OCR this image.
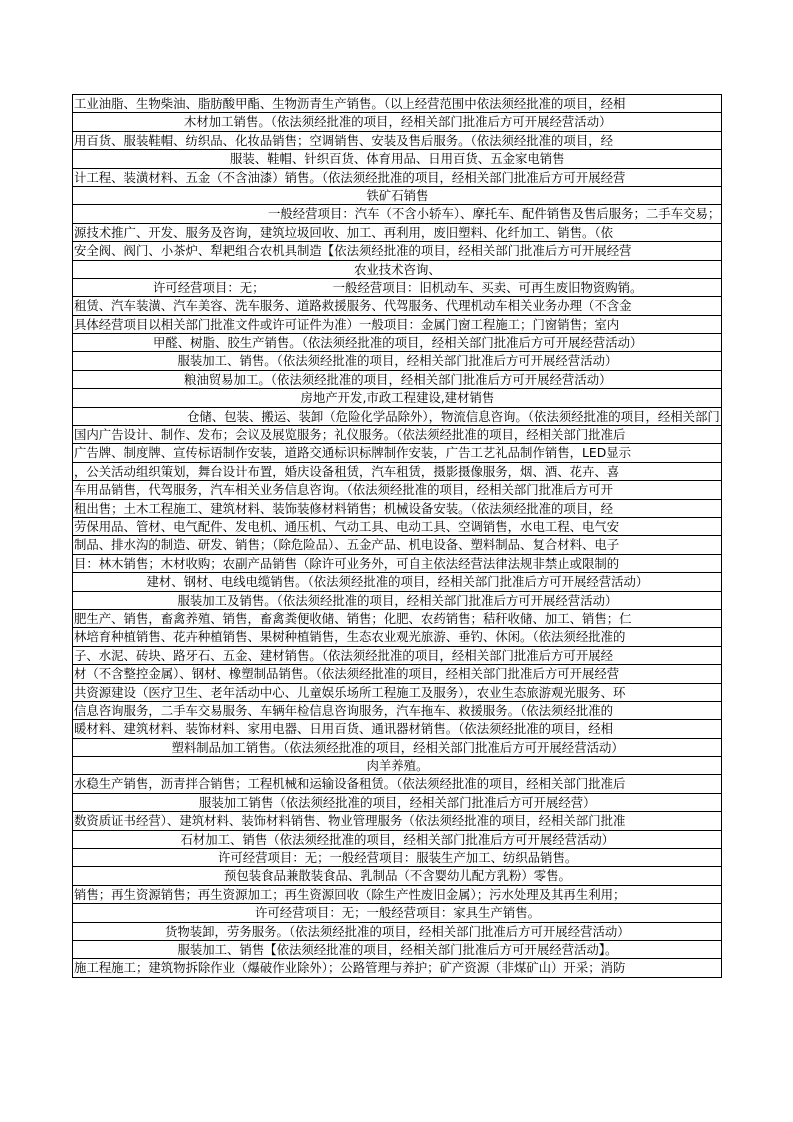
工业油脂、生物柴油、脂肪酸甲酯、生物沥青生产销售。（以上经营范围中依法须经批准的项目，经相
木材加工销售。（依法须经批准的项目，经相关部门批准后方可开展经营活动）
用百货、服装鞋帽、纺织品、化妆品销售；空调销售、安装及售后服务。（依法须经批准的项目，经
服装、鞋帽、针织百货、体育用品、日用百货、五金家电销售
计工程、装潢材料、五金（不含油漆）销售。（依法须经批准的项目，经相关部门批准后方可开展经营
铁矿石销售
一般经营项目：汽车（不含小轿车）、摩托车、配件销售及售后服务；二手车交易；
源技术推广、开发、服务及咨询，建筑垃圾回收、加工、再利用，废旧塑料、化纤加工、销售。（依
安全阀、阀门、小茶炉、犁耙组合农机具制造【依法须经批准的项目，经相关部门批准后方可开展经营
农业技术咨询、
许可经营项目：无；　　　　　　一般经营项目：旧机动车、买卖、可再生废旧物资购销。
租赁、汽车装潢、汽车美容、洗车服务、道路救援服务、代驾服务、代理机动车相关业务办理（不含金
具体经营项目以相关部门批准文件或许可证件为准）一般项目：金属门窗工程施工；门窗销售；室内
甲醛、树脂、胶生产销售。（依法须经批准的项目，经相关部门批准后方可开展经营活动）
服装加工、销售。（依法须经批准的项目，经相关部门批准后方可开展经营活动）
粮油贸易加工。（依法须经批准的项目，经相关部门批准后方可开展经营活动）
房地产开发,市政工程建设,建材销售
仓储、包装、搬运、装卸（危险化学品除外），物流信息咨询。（依法须经批准的项目，经相关部门
国内广告设计、制作、发布；会议及展览服务；礼仪服务。（依法须经批准的项目，经相关部门批准后
广告牌、制度牌、宣传标语制作安装，道路交通标识标牌制作安装，广告工艺礼品制作销售，LED显示
，公关活动组织策划，舞台设计布置，婚庆设备租赁，汽车租赁，摄影摄像服务，烟、酒、花卉、喜
车用品销售，代驾服务，汽车相关业务信息咨询。（依法须经批准的项目，经相关部门批准后方可开
租出售；土木工程施工、建筑材料、装饰装修材料销售；机械设备安装。（依法须经批准的项目，经
劳保用品、管材、电气配件、发电机、通压机、气动工具、电动工具、空调销售，水电工程、电气安
制品、排水沟的制造、研发、销售；（除危险品）、五金产品、机电设备、塑料制品、复合材料、电子
目：林木销售；木材收购；农副产品销售（除许可业务外，可自主依法经营法律法规非禁止或限制的
建材、钢材、电线电缆销售。（依法须经批准的项目，经相关部门批准后方可开展经营活动）
服装加工及销售。（依法须经批准的项目，经相关部门批准后方可开展经营活动）
肥生产、销售，畜禽养殖、销售，畜禽粪便收储、销售；化肥、农药销售；秸秆收储、加工、销售；仁
林培育种植销售、花卉种植销售、果树种植销售，生态农业观光旅游、垂钓、休闲。（依法须经批准的
子、水泥、砖块、路牙石、五金、建材销售。（依法须经批准的项目，经相关部门批准后方可开展经
材（不含整控金属）、钢材、橡塑制品销售。（依法须经批准的项目，经相关部门批准后方可开展经营
共资源建设（医疗卫生、老年活动中心、儿童娱乐场所工程施工及服务），农业生态旅游观光服务、环
信息咨询服务，二手车交易服务、车辆年检信息咨询服务，汽车拖车、救援服务。（依法须经批准的
暖材料、建筑材料、装饰材料、家用电器、日用百货、通讯器材销售。（依法须经批准的项目，经相
塑料制品加工销售。（依法须经批准的项目，经相关部门批准后方可开展经营活动）
肉羊养殖。
水稳生产销售，沥青拌合销售；工程机械和运输设备租赁。（依法须经批准的项目，经相关部门批准后
服装加工销售（依法须经批准的项目，经相关部门批准后方可开展经营）
数资质证书经营）、建筑材料、装饰材料销售、物业管理服务（依法须经批准的项目，经相关部门批准
石材加工、销售（依法须经批准的项目，经相关部门批准后方可开展经营活动）
许可经营项目：无；一般经营项目：服装生产加工、纺织品销售。
预包装食品兼散装食品、乳制品（不含婴幼儿配方乳粉）零售。
销售；再生资源销售；再生资源加工；再生资源回收（除生产性废旧金属）；污水处理及其再生利用；
许可经营项目：无；一般经营项目：家具生产销售。
货物装卸，劳务服务。（依法须经批准的项目，经相关部门批准后方可开展经营活动）
服装加工、销售【依法须经批准的项目，经相关部门批准后方可开展经营活动】。
施工程施工；建筑物拆除作业（爆破作业除外）；公路管理与养护；矿产资源（非煤矿山）开采；消防
